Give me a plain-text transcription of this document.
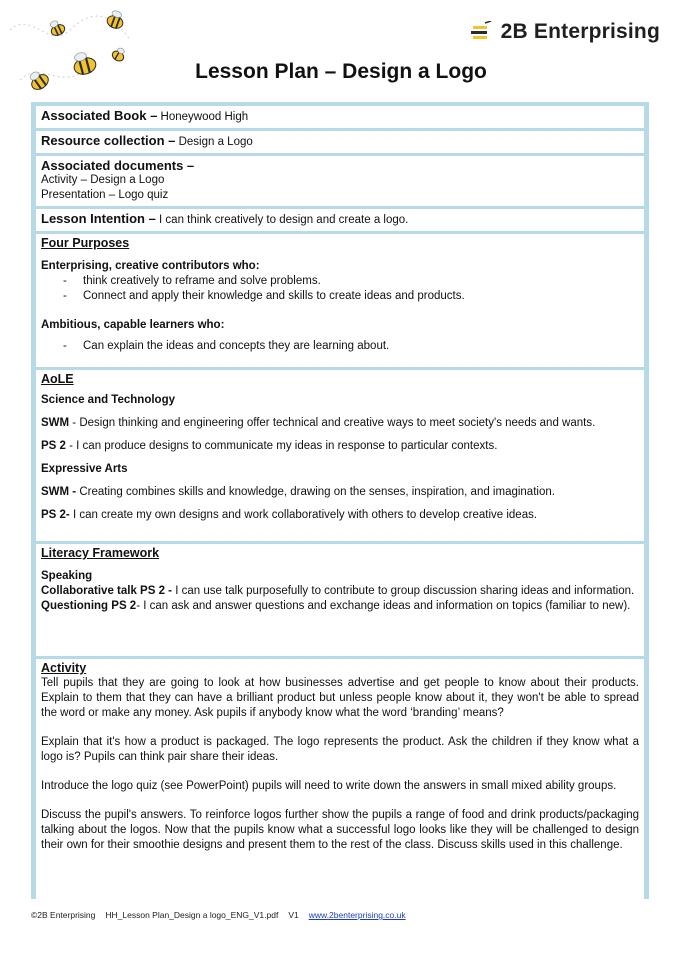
2B Enterprising
Lesson Plan – Design a Logo
Associated Book – Honeywood High
Resource collection – Design a Logo
Associated documents –
Activity – Design a Logo
Presentation – Logo quiz
Lesson Intention – I can think creatively to design and create a logo.
Four Purposes
Enterprising, creative contributors who:
- think creatively to reframe and solve problems.
- Connect and apply their knowledge and skills to create ideas and products.
Ambitious, capable learners who:
- Can explain the ideas and concepts they are learning about.
AoLE
Science and Technology

SWM - Design thinking and engineering offer technical and creative ways to meet society's needs and wants.

PS 2 - I can produce designs to communicate my ideas in response to particular contexts.

Expressive Arts

SWM - Creating combines skills and knowledge, drawing on the senses, inspiration, and imagination.

PS 2- I can create my own designs and work collaboratively with others to develop creative ideas.

Literacy Framework
Speaking

Collaborative talk PS 2 - I can use talk purposefully to contribute to group discussion sharing ideas and information.

Questioning PS 2- I can ask and answer questions and exchange ideas and information on topics (familiar to new).

Activity

Tell pupils that they are going to look at how businesses advertise and get people to know about their products. Explain to them that they can have a brilliant product but unless people know about it, they won't be able to spread the word or make any money. Ask pupils if anybody know what the word ‘branding’ means?

Explain that it's how a product is packaged. The logo represents the product. Ask the children if they know what a logo is? Pupils can think pair share their ideas.

Introduce the logo quiz (see PowerPoint) pupils will need to write down the answers in small mixed ability groups.

Discuss the pupil's answers. To reinforce logos further show the pupils a range of food and drink products/packaging talking about the logos. Now that the pupils know what a successful logo looks like they will be challenged to design their own for their smoothie designs and present them to the rest of the class. Discuss skills used in this challenge.

©2B Enterprising HH_Lesson Plan_Design a logo_ENG_V1.pdf V1 www.2benterprising.co.uk
